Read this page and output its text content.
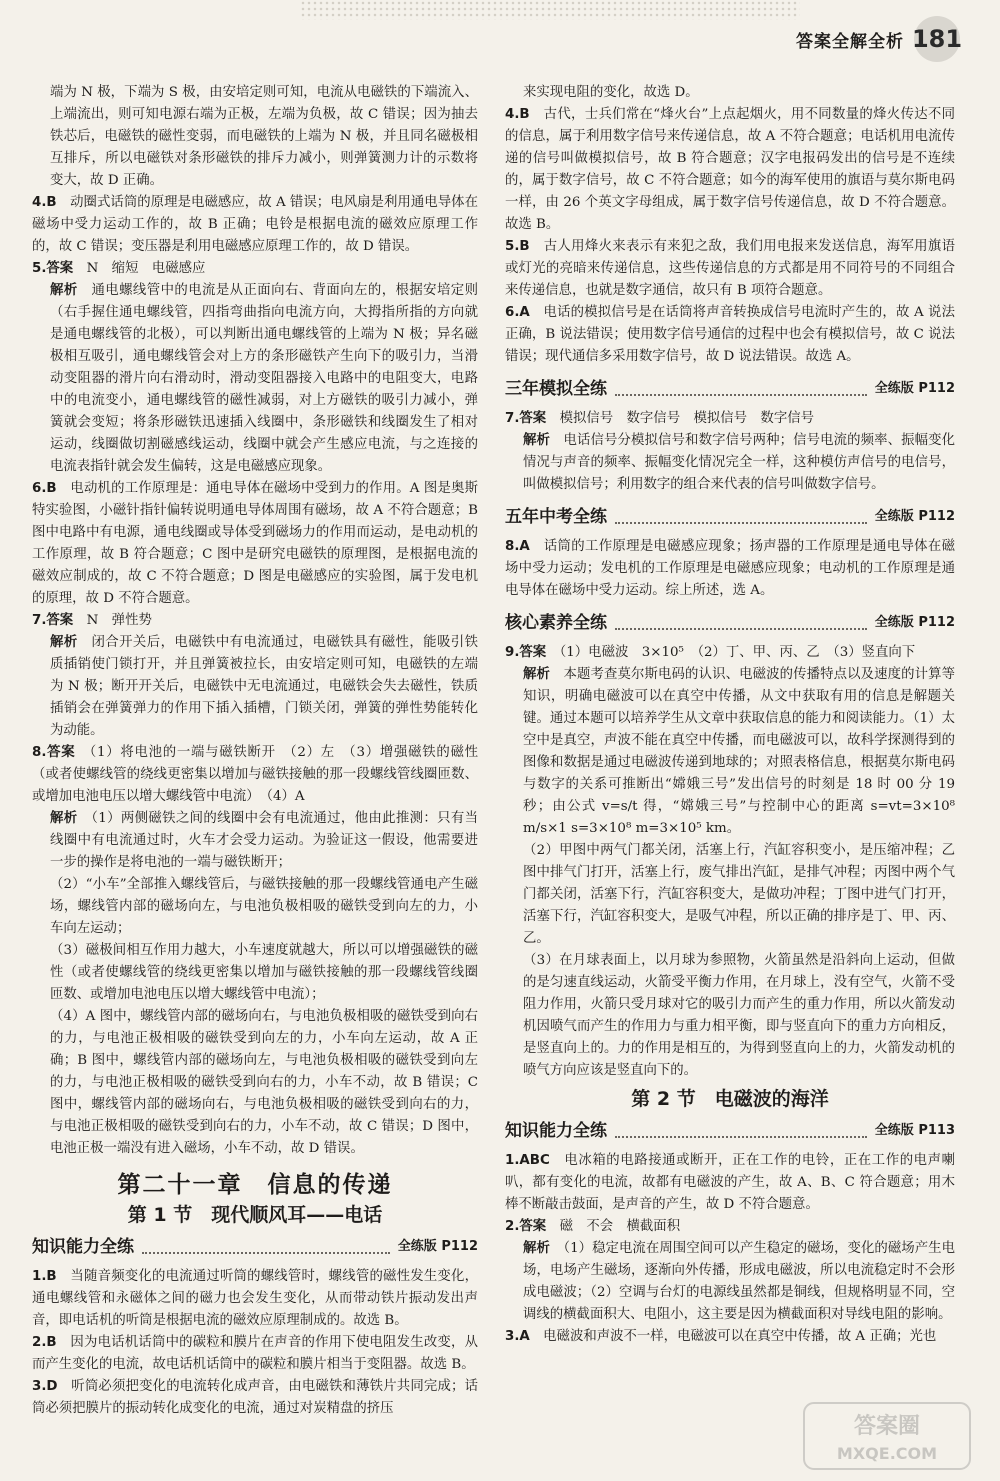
答案全解全析 181

端为 N 极，下端为 S 极，由安培定则可知，电流从电磁铁的下端流入、上端流出，则可知电源右端为正极，左端为负极，故 C 错误；因为抽去铁芯后，电磁铁的磁性变弱，而电磁铁的上端为 N 极，并且同名磁极相互排斥，所以电磁铁对条形磁铁的排斥力减小，则弹簧测力计的示数将变大，故 D 正确。

4.B　 动圈式话筒的原理是电磁感应，故 A 错误；电风扇是利用通电导体在磁场中受力运动工作的，故 B 正确；电铃是根据电流的磁效应原理工作的，故 C 错误；变压器是利用电磁感应原理工作的，故 D 错误。

5.答案　 N　缩短　电磁感应

解析　 通电螺线管中的电流是从正面向右、背面向左的，根据安培定则（右手握住通电螺线管，四指弯曲指向电流方向，大拇指所指的方向就是通电螺线管的北极），可以判断出通电螺线管的上端为 N 极；异名磁极相互吸引，通电螺线管会对上方的条形磁铁产生向下的吸引力，当滑动变阻器的滑片向右滑动时，滑动变阻器接入电路中的电阻变大，电路中的电流变小，通电螺线管的磁性减弱，对上方磁铁的吸引力减小，弹簧就会变短；将条形磁铁迅速插入线圈中，条形磁铁和线圈发生了相对运动，线圈做切割磁感线运动，线圈中就会产生感应电流，与之连接的电流表指针就会发生偏转，这是电磁感应现象。

6.B　 电动机的工作原理是：通电导体在磁场中受到力的作用。A 图是奥斯特实验图，小磁针指针偏转说明通电导体周围有磁场，故 A 不符合题意；B 图中电路中有电源，通电线圈或导体受到磁场力的作用而运动，是电动机的工作原理，故 B 符合题意；C 图中是研究电磁铁的原理图，是根据电流的磁效应制成的，故 C 不符合题意；D 图是电磁感应的实验图，属于发电机的原理，故 D 不符合题意。

7.答案　 N　弹性势

解析　 闭合开关后，电磁铁中有电流通过，电磁铁具有磁性，能吸引铁质插销使门锁打开，并且弹簧被拉长，由安培定则可知，电磁铁的左端为 N 极；断开开关后，电磁铁中无电流通过，电磁铁会失去磁性，铁质插销会在弹簧弹力的作用下插入插槽，门锁关闭，弹簧的弹性势能转化为动能。

8.答案　 （1）将电池的一端与磁铁断开　（2）左　（3）增强磁铁的磁性（或者使螺线管的绕线更密集以增加与磁铁接触的那一段螺线管线圈匝数、或增加电池电压以增大螺线管中电流）　（4）A

解析　 （1）两侧磁铁之间的线圈中会有电流通过，他由此推测：只有当线圈中有电流通过时，火车才会受力运动。为验证这一假设，他需要进一步的操作是将电池的一端与磁铁断开；

（2）“小车”全部推入螺线管后，与磁铁接触的那一段螺线管通电产生磁场，螺线管内部的磁场向左，与电池负极相吸的磁铁受到向左的力，小车向左运动；

（3）磁极间相互作用力越大，小车速度就越大，所以可以增强磁铁的磁性（或者使螺线管的绕线更密集以增加与磁铁接触的那一段螺线管线圈匝数、或增加电池电压以增大螺线管中电流）；

（4）A 图中，螺线管内部的磁场向右，与电池负极相吸的磁铁受到向右的力，与电池正极相吸的磁铁受到向左的力，小车向左运动，故 A 正确；B 图中，螺线管内部的磁场向左，与电池负极相吸的磁铁受到向左的力，与电池正极相吸的磁铁受到向右的力，小车不动，故 B 错误；C 图中，螺线管内部的磁场向右，与电池负极相吸的磁铁受到向右的力，与电池正极相吸的磁铁受到向右的力，小车不动，故 C 错误；D 图中，电池正极一端没有进入磁场，小车不动，故 D 错误。

第二十一章　信息的传递
第 1 节　现代顺风耳——电话
知识能力全练	全练版 P112

1.B　 当随音频变化的电流通过听筒的螺线管时，螺线管的磁性发生变化，通电螺线管和永磁体之间的磁力也会发生变化，从而带动铁片振动发出声音，即电话机的听筒是根据电流的磁效应原理制成的。故选 B。

2.B　 因为电话机话筒中的碳粒和膜片在声音的作用下使电阻发生改变，从而产生变化的电流，故电话机话筒中的碳粒和膜片相当于变阻器。故选 B。

3.D　 听筒必须把变化的电流转化成声音，由电磁铁和薄铁片共同完成；话筒必须把膜片的振动转化成变化的电流，通过对炭精盘的挤压

来实现电阻的变化，故选 D。

4.B　 古代，士兵们常在“烽火台”上点起烟火，用不同数量的烽火传达不同的信息，属于利用数字信号来传递信息，故 A 不符合题意；电话机用电流传递的信号叫做模拟信号，故 B 符合题意；汉字电报码发出的信号是不连续的，属于数字信号，故 C 不符合题意；如今的海军使用的旗语与莫尔斯电码一样，由 26 个英文字母组成，属于数字信号传递信息，故 D 不符合题意。故选 B。

5.B　 古人用烽火来表示有来犯之敌，我们用电报来发送信息，海军用旗语或灯光的亮暗来传递信息，这些传递信息的方式都是用不同符号的不同组合来传递信息，也就是数字通信，故只有 B 项符合题意。

6.A　 电话的模拟信号是在话筒将声音转换成信号电流时产生的，故 A 说法正确，B 说法错误；使用数字信号通信的过程中也会有模拟信号，故 C 说法错误；现代通信多采用数字信号，故 D 说法错误。故选 A。

三年模拟全练	全练版 P112

7.答案　 模拟信号　数字信号　模拟信号　数字信号

解析　 电话信号分模拟信号和数字信号两种；信号电流的频率、振幅变化情况与声音的频率、振幅变化情况完全一样，这种模仿声信号的电信号，叫做模拟信号；利用数字的组合来代表的信号叫做数字信号。

五年中考全练	全练版 P112

8.A　 话筒的工作原理是电磁感应现象；扬声器的工作原理是通电导体在磁场中受力运动；发电机的工作原理是电磁感应现象；电动机的工作原理是通电导体在磁场中受力运动。综上所述，选 A。

核心素养全练	全练版 P112

9.答案　 （1）电磁波　3×10⁵　（2）丁、甲、丙、乙　（3）竖直向下

解析　 本题考查莫尔斯电码的认识、电磁波的传播特点以及速度的计算等知识，明确电磁波可以在真空中传播，从文中获取有用的信息是解题关键。通过本题可以培养学生从文章中获取信息的能力和阅读能力。（1）太空中是真空，声波不能在真空中传播，而电磁波可以，故科学探测得到的图像和数据是通过电磁波传递到地球的；对照表格信息，根据莫尔斯电码与数字的关系可推断出“嫦娥三号”发出信号的时刻是 18 时 00 分 19 秒；由公式 v=s/t 得，“嫦娥三号”与控制中心的距离 s=vt=3×10⁸ m/s×1 s=3×10⁸ m=3×10⁵ km。

（2）甲图中两气门都关闭，活塞上行，汽缸容积变小，是压缩冲程；乙图中排气门打开，活塞上行，废气排出汽缸，是排气冲程；丙图中两个气门都关闭，活塞下行，汽缸容积变大，是做功冲程；丁图中进气门打开，活塞下行，汽缸容积变大，是吸气冲程，所以正确的排序是丁、甲、丙、乙。

（3）在月球表面上，以月球为参照物，火箭虽然是沿斜向上运动，但做的是匀速直线运动，火箭受平衡力作用，在月球上，没有空气，火箭不受阻力作用，火箭只受月球对它的吸引力而产生的重力作用，所以火箭发动机因喷气而产生的作用力与重力相平衡，即与竖直向下的重力方向相反，是竖直向上的。力的作用是相互的，为得到竖直向上的力，火箭发动机的喷气方向应该是竖直向下的。

第 2 节　电磁波的海洋
知识能力全练	全练版 P113

1.ABC　 电冰箱的电路接通或断开，正在工作的电铃，正在工作的电声喇叭，都有变化的电流，故都有电磁波的产生，故 A、B、C 符合题意；用木棒不断敲击鼓面，是声音的产生，故 D 不符合题意。

2.答案　 磁　不会　横截面积

解析　 （1）稳定电流在周围空间可以产生稳定的磁场，变化的磁场产生电场，电场产生磁场，逐渐向外传播，形成电磁波，所以电流稳定时不会形成电磁波；（2）空调与台灯的电源线虽然都是铜线，但规格明显不同，空调线的横截面积大、电阻小，这主要是因为横截面积对导线电阻的影响。

3.A　 电磁波和声波不一样，电磁波可以在真空中传播，故 A 正确；光也

答案圈
MXQE.COM
